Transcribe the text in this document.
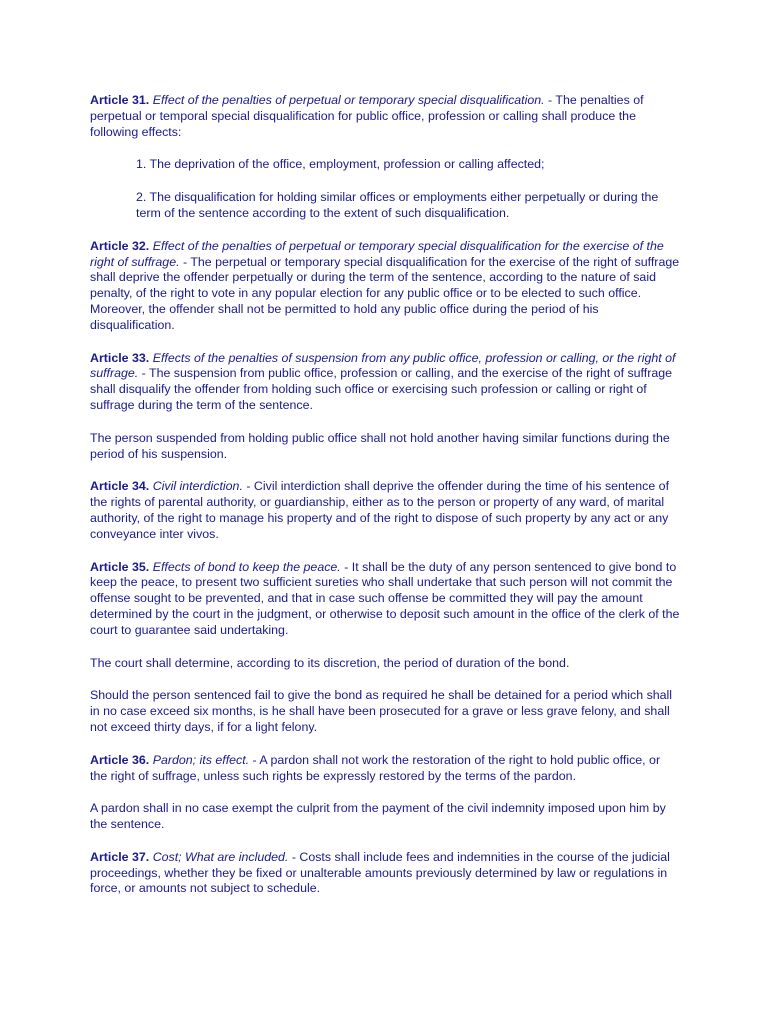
Article 31. Effect of the penalties of perpetual or temporary special disqualification. - The penalties of perpetual or temporal special disqualification for public office, profession or calling shall produce the following effects:

1. The deprivation of the office, employment, profession or calling affected;

2. The disqualification for holding similar offices or employments either perpetually or during the term of the sentence according to the extent of such disqualification.

Article 32. Effect of the penalties of perpetual or temporary special disqualification for the exercise of the right of suffrage. - The perpetual or temporary special disqualification for the exercise of the right of suffrage shall deprive the offender perpetually or during the term of the sentence, according to the nature of said penalty, of the right to vote in any popular election for any public office or to be elected to such office. Moreover, the offender shall not be permitted to hold any public office during the period of his disqualification.

Article 33. Effects of the penalties of suspension from any public office, profession or calling, or the right of suffrage. - The suspension from public office, profession or calling, and the exercise of the right of suffrage shall disqualify the offender from holding such office or exercising such profession or calling or right of suffrage during the term of the sentence.

The person suspended from holding public office shall not hold another having similar functions during the period of his suspension.

Article 34. Civil interdiction. - Civil interdiction shall deprive the offender during the time of his sentence of the rights of parental authority, or guardianship, either as to the person or property of any ward, of marital authority, of the right to manage his property and of the right to dispose of such property by any act or any conveyance inter vivos.

Article 35. Effects of bond to keep the peace. - It shall be the duty of any person sentenced to give bond to keep the peace, to present two sufficient sureties who shall undertake that such person will not commit the offense sought to be prevented, and that in case such offense be committed they will pay the amount determined by the court in the judgment, or otherwise to deposit such amount in the office of the clerk of the court to guarantee said undertaking.

The court shall determine, according to its discretion, the period of duration of the bond.

Should the person sentenced fail to give the bond as required he shall be detained for a period which shall in no case exceed six months, is he shall have been prosecuted for a grave or less grave felony, and shall not exceed thirty days, if for a light felony.

Article 36. Pardon; its effect. - A pardon shall not work the restoration of the right to hold public office, or the right of suffrage, unless such rights be expressly restored by the terms of the pardon.

A pardon shall in no case exempt the culprit from the payment of the civil indemnity imposed upon him by the sentence.

Article 37. Cost; What are included. - Costs shall include fees and indemnities in the course of the judicial proceedings, whether they be fixed or unalterable amounts previously determined by law or regulations in force, or amounts not subject to schedule.
